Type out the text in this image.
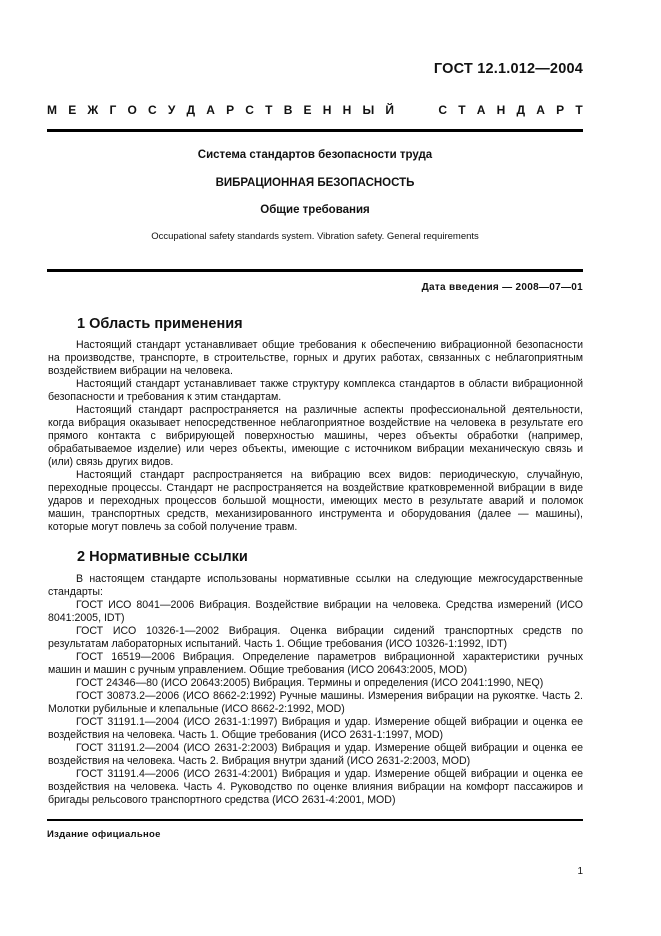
ГОСТ 12.1.012—2004
М Е Ж Г О С У Д А Р С Т В Е Н Н Ы Й	С Т А Н Д А Р Т
Система стандартов безопасности труда
ВИБРАЦИОННАЯ БЕЗОПАСНОСТЬ
Общие требования
Occupational safety standards system. Vibration safety. General requirements
Дата введения — 2008—07—01
1 Область применения

Настоящий стандарт устанавливает общие требования к обеспечению вибрационной безопасности на производстве, транспорте, в строительстве, горных и других работах, связанных с неблагоприятным воздействием вибрации на человека.

Настоящий стандарт устанавливает также структуру комплекса стандартов в области вибрационной безопасности и требования к этим стандартам.

Настоящий стандарт распространяется на различные аспекты профессиональной деятельности, когда вибрация оказывает непосредственное неблагоприятное воздействие на человека в результате его прямого контакта с вибрирующей поверхностью машины, через объекты обработки (например, обрабатываемое изделие) или через объекты, имеющие с источником вибрации механическую связь и (или) связь других видов.

Настоящий стандарт распространяется на вибрацию всех видов: периодическую, случайную, переходные процессы. Стандарт не распространяется на воздействие кратковременной вибрации в виде ударов и переходных процессов большой мощности, имеющих место в результате аварий и поломок машин, транспортных средств, механизированного инструмента и оборудования (далее — машины), которые могут повлечь за собой получение травм.

2 Нормативные ссылки

В настоящем стандарте использованы нормативные ссылки на следующие межгосударственные стандарты:

ГОСТ ИСО 8041—2006 Вибрация. Воздействие вибрации на человека. Средства измерений (ИСО 8041:2005, IDT)

ГОСТ ИСО 10326-1—2002 Вибрация. Оценка вибрации сидений транспортных средств по результатам лабораторных испытаний. Часть 1. Общие требования (ИСО 10326-1:1992, IDT)

ГОСТ 16519—2006 Вибрация. Определение параметров вибрационной характеристики ручных машин и машин с ручным управлением. Общие требования (ИСО 20643:2005, MOD)

ГОСТ 24346—80 (ИСО 20643:2005) Вибрация. Термины и определения (ИСО 2041:1990, NEQ)

ГОСТ 30873.2—2006 (ИСО 8662-2:1992) Ручные машины. Измерения вибрации на рукоятке. Часть 2. Молотки рубильные и клепальные (ИСО 8662-2:1992, MOD)

ГОСТ 31191.1—2004 (ИСО 2631-1:1997) Вибрация и удар. Измерение общей вибрации и оценка ее воздействия на человека. Часть 1. Общие требования (ИСО 2631-1:1997, MOD)

ГОСТ 31191.2—2004 (ИСО 2631-2:2003) Вибрация и удар. Измерение общей вибрации и оценка ее воздействия на человека. Часть 2. Вибрация внутри зданий (ИСО 2631-2:2003, MOD)

ГОСТ 31191.4—2006 (ИСО 2631-4:2001) Вибрация и удар. Измерение общей вибрации и оценка ее воздействия на человека. Часть 4. Руководство по оценке влияния вибрации на комфорт пассажиров и бригады рельсового транспортного средства (ИСО 2631-4:2001, MOD)

Издание официальное
1
